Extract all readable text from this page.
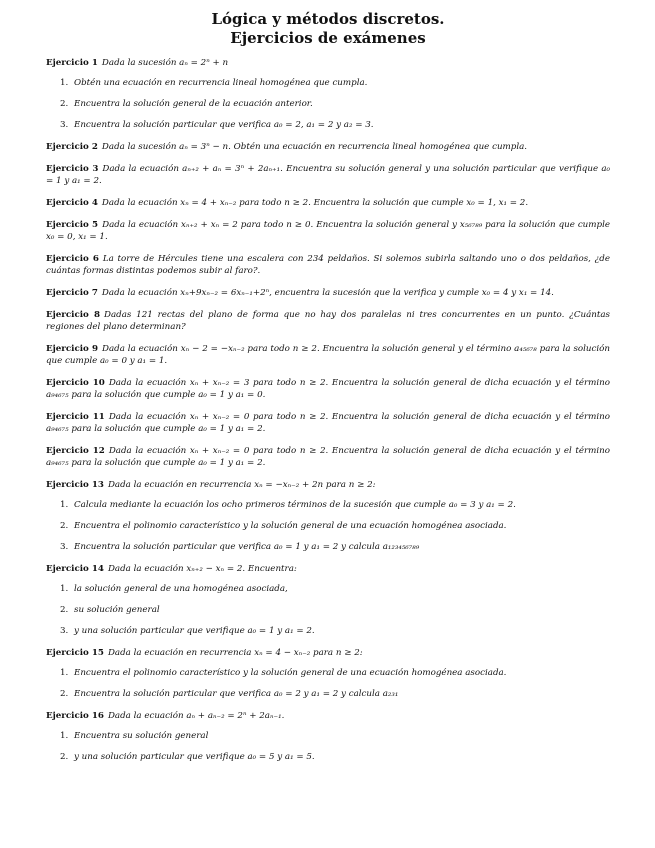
Lógica y métodos discretos.
Ejercicios de exámenes
Ejercicio 1 Dada la sucesión aₙ = 2ⁿ + n
1. Obtén una ecuación en recurrencia lineal homogénea que cumpla.
2. Encuentra la solución general de la ecuación anterior.
3. Encuentra la solución particular que verifica a₀ = 2, a₁ = 2 y a₂ = 3.
Ejercicio 2 Dada la sucesión aₙ = 3ⁿ − n. Obtén una ecuación en recurrencia lineal homogénea que cumpla.
Ejercicio 3 Dada la ecuación aₙ₊₂ + aₙ = 3ⁿ + 2aₙ₊₁. Encuentra su solución general y una solución particular que verifique a₀ = 1 y a₁ = 2.
Ejercicio 4 Dada la ecuación xₙ = 4 + xₙ₋₂ para todo n ≥ 2. Encuentra la solución que cumple x₀ = 1, x₁ = 2.
Ejercicio 5 Dada la ecuación xₙ₊₂ + xₙ = 2 para todo n ≥ 0. Encuentra la solución general y x₅₆₇₈₉ para la solución que cumple x₀ = 0, x₁ = 1.
Ejercicio 6 La torre de Hércules tiene una escalera con 234 peldaños. Si solemos subirla saltando uno o dos peldaños, ¿de cuántas formas distintas podemos subir al faro?.
Ejercicio 7 Dada la ecuación xₙ+9xₙ₋₂ = 6xₙ₋₁+2ⁿ, encuentra la sucesión que la verifica y cumple x₀ = 4 y x₁ = 14.
Ejercicio 8 Dadas 121 rectas del plano de forma que no hay dos paralelas ni tres concurrentes en un punto. ¿Cuántas regiones del plano determinan?
Ejercicio 9 Dada la ecuación xₙ − 2 = −xₙ₋₂ para todo n ≥ 2. Encuentra la solución general y el término a₄₅₆₇₈ para la solución que cumple a₀ = 0 y a₁ = 1.
Ejercicio 10 Dada la ecuación xₙ + xₙ₋₂ = 3 para todo n ≥ 2. Encuentra la solución general de dicha ecuación y el término a₉₄₆₇₅ para la solución que cumple a₀ = 1 y a₁ = 0.
Ejercicio 11 Dada la ecuación xₙ + xₙ₋₂ = 0 para todo n ≥ 2. Encuentra la solución general de dicha ecuación y el término a₉₄₆₇₅ para la solución que cumple a₀ = 1 y a₁ = 2.
Ejercicio 12 Dada la ecuación xₙ + xₙ₋₂ = 0 para todo n ≥ 2. Encuentra la solución general de dicha ecuación y el término a₉₄₆₇₅ para la solución que cumple a₀ = 1 y a₁ = 2.
Ejercicio 13 Dada la ecuación en recurrencia xₙ = −xₙ₋₂ + 2n para n ≥ 2:
1. Calcula mediante la ecuación los ocho primeros términos de la sucesión que cumple a₀ = 3 y a₁ = 2.
2. Encuentra el polinomio característico y la solución general de una ecuación homogénea asociada.
3. Encuentra la solución particular que verifica a₀ = 1 y a₁ = 2 y calcula a₁₂₃₄₅₆₇₈₉
Ejercicio 14 Dada la ecuación xₙ₊₂ − xₙ = 2. Encuentra:
1. la solución general de una homogénea asociada,
2. su solución general
3. y una solución particular que verifique a₀ = 1 y a₁ = 2.
Ejercicio 15 Dada la ecuación en recurrencia xₙ = 4 − xₙ₋₂ para n ≥ 2:
1. Encuentra el polinomio característico y la solución general de una ecuación homogénea asociada.
2. Encuentra la solución particular que verifica a₀ = 2 y a₁ = 2 y calcula a₂₃₁
Ejercicio 16 Dada la ecuación aₙ + aₙ₋₂ = 2ⁿ + 2aₙ₋₁.
1. Encuentra su solución general
2. y una solución particular que verifique a₀ = 5 y a₁ = 5.
